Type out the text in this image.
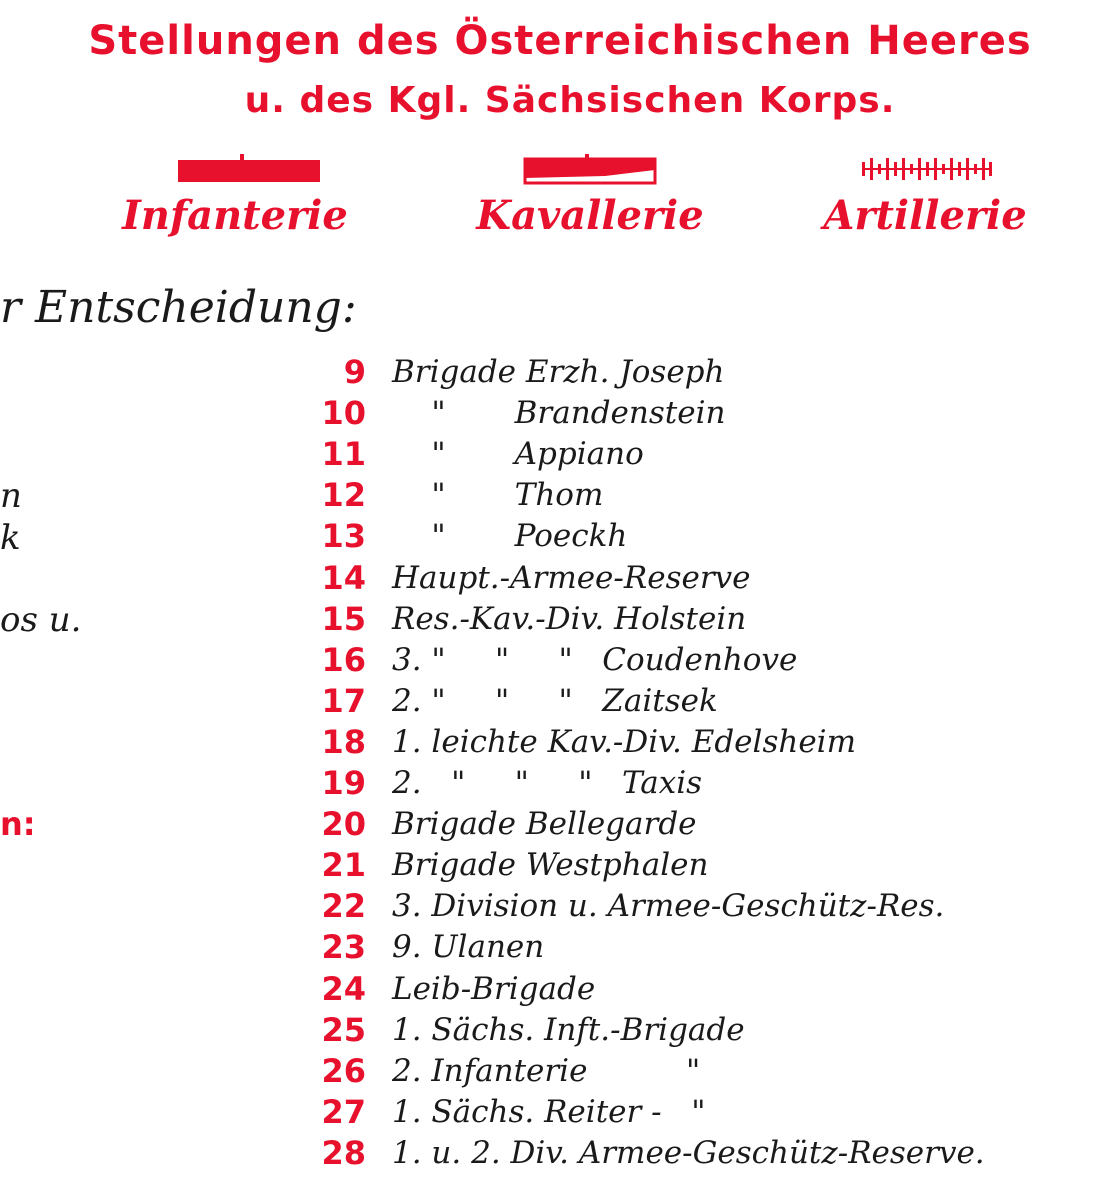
Stellungen des Österreichischen Heeres
u. des Kgl. Sächsischen Korps.
Infanterie	Kavallerie	Artillerie
r Entscheidung:
n
k
os u.
n:
9 Brigade Erzh. Joseph
10 "       Brandenstein
11 "       Appiano
12 "       Thom
13 "       Poeckh
14 Haupt.-Armee-Reserve
15 Res.-Kav.-Div. Holstein
16 3. "     "     "   Coudenhove
17 2. "     "     "   Zaitsek
18 1. leichte Kav.-Div. Edelsheim
19 2.   "     "     "   Taxis
20 Brigade Bellegarde
21 Brigade Westphalen
22 3. Division u. Armee-Geschütz-Res.
23 9. Ulanen
24 Leib-Brigade
25 1. Sächs. Inft.-Brigade
26 2. Infanterie          "
27 1. Sächs. Reiter -   "
28 1. u. 2. Div. Armee-Geschütz-Reserve.
